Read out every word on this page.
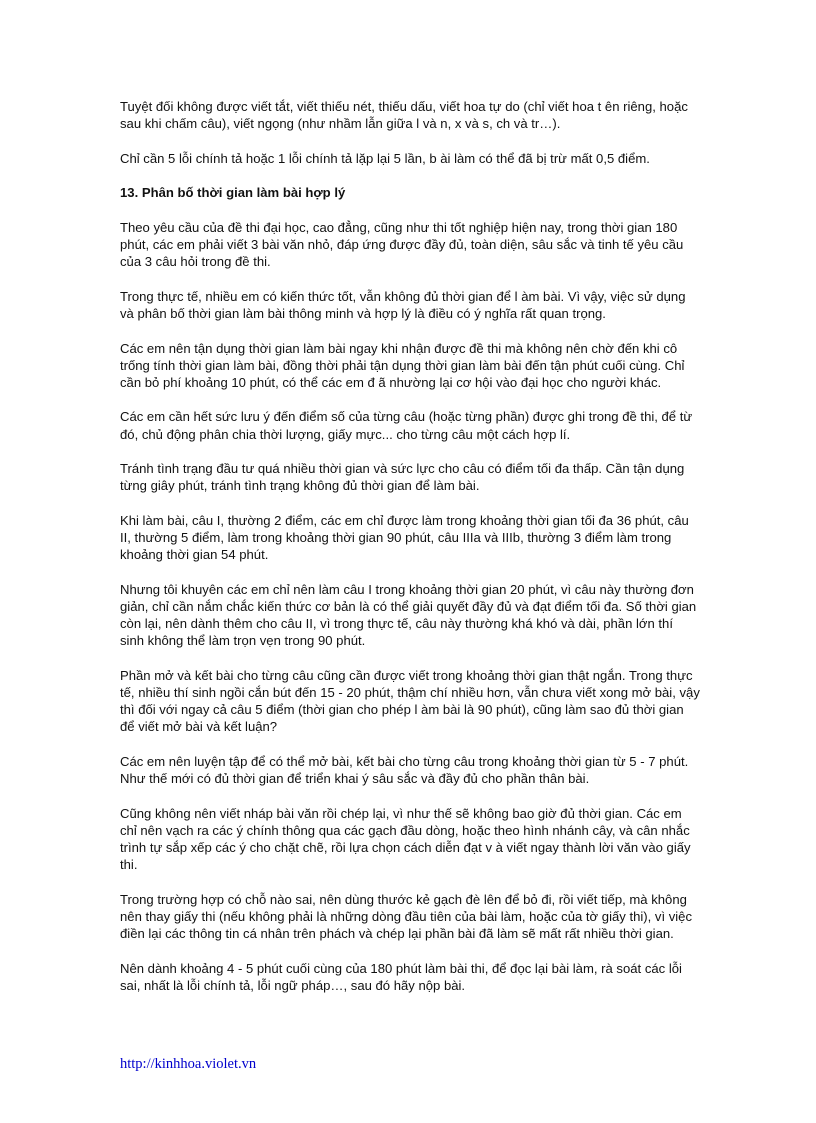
Tuyệt đối không được viết tắt, viết thiếu nét, thiếu dấu, viết hoa tự do (chỉ viết hoa t ên riêng, hoặc sau khi chấm câu), viết ngọng (như nhầm lẫn giữa l và n, x và s, ch và tr…).

Chỉ cần 5 lỗi chính tả hoặc 1 lỗi chính tả lặp lại 5 lần, b ài làm có thể đã bị trừ mất 0,5 điểm.

13. Phân bố thời gian làm bài hợp lý

Theo yêu cầu của đề thi đại học, cao đẳng, cũng như thi tốt nghiệp hiện nay, trong thời gian 180 phút, các em phải viết 3 bài văn nhỏ, đáp ứng được đầy đủ, toàn diện, sâu sắc và tinh tế yêu cầu của 3 câu hỏi trong đề thi.

Trong thực tế, nhiều em có kiến thức tốt, vẫn không đủ thời gian để l àm bài. Vì vậy, việc sử dụng và phân bố thời gian làm bài thông minh và hợp lý là điều có ý nghĩa rất quan trọng.

Các em nên tận dụng thời gian làm bài ngay khi nhận được đề thi mà không nên chờ đến khi cô trống tính thời gian làm bài, đồng thời phải tận dụng thời gian làm bài đến tận phút cuối cùng. Chỉ cần bỏ phí khoảng 10 phút, có thể các em đ ã nhường lại cơ hội vào đại học cho người khác.

Các em cần hết sức lưu ý đến điểm số của từng câu (hoặc từng phần) được ghi trong đề thi, để từ đó, chủ động phân chia thời lượng, giấy mực... cho từng câu một cách hợp lí.

Tránh tình trạng đầu tư quá nhiều thời gian và sức lực cho câu có điểm tối đa thấp. Cần tận dụng từng giây phút, tránh tình trạng không đủ thời gian để làm bài.

Khi làm bài, câu I, thường 2 điểm, các em chỉ được làm trong khoảng thời gian tối đa 36 phút, câu II, thường 5 điểm, làm trong khoảng thời gian 90 phút, câu IIIa và IIIb, thường 3 điểm làm trong khoảng thời gian 54 phút.

Nhưng tôi khuyên các em chỉ nên làm câu I trong khoảng thời gian 20 phút, vì câu này thường đơn giản, chỉ cần nắm chắc kiến thức cơ bản là có thể giải quyết đầy đủ và đạt điểm tối đa. Số thời gian còn lại, nên dành thêm cho câu II, vì trong thực tế, câu này thường khá khó và dài, phần lớn thí sinh không thể làm trọn vẹn trong 90 phút.

Phần mở và kết bài cho từng câu cũng cần được viết trong khoảng thời gian thật ngắn. Trong thực tế, nhiều thí sinh ngồi cắn bút đến 15 - 20 phút, thậm chí nhiều hơn, vẫn chưa viết xong mở bài, vậy thì đối với ngay cả câu 5 điểm (thời gian cho phép l àm bài là 90 phút), cũng làm sao đủ thời gian để viết mở bài và kết luận?

Các em nên luyện tập để có thể mở bài, kết bài cho từng câu trong khoảng thời gian từ 5 - 7 phút. Như thế mới có đủ thời gian để triển khai ý sâu sắc và đầy đủ cho phần thân bài.

Cũng không nên viết nháp bài văn rồi chép lại, vì như thế sẽ không bao giờ đủ thời gian. Các em chỉ nên vạch ra các ý chính thông qua các gạch đầu dòng, hoặc theo hình nhánh cây, và cân nhắc trình tự sắp xếp các ý cho chặt chẽ, rồi lựa chọn cách diễn đạt v à viết ngay thành lời văn vào giấy thi.

Trong trường hợp có chỗ nào sai, nên dùng thước kẻ gạch đè lên để bỏ đi, rồi viết tiếp, mà không nên thay giấy thi (nếu không phải là những dòng đầu tiên của bài làm, hoặc của tờ giấy thi), vì việc điền lại các thông tin cá nhân trên phách và chép lại phần bài đã làm sẽ mất rất nhiều thời gian.

Nên dành khoảng 4 - 5 phút cuối cùng của 180 phút làm bài thi, để đọc lại bài làm, rà soát các lỗi sai, nhất là lỗi chính tả, lỗi ngữ pháp…, sau đó hãy nộp bài.

http://kinhhoa.violet.vn
